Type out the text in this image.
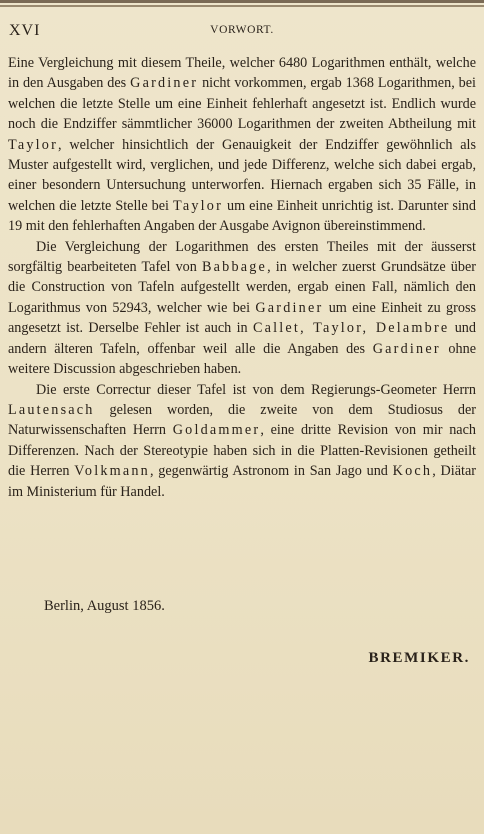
XVI	VORWORT.

Eine Vergleichung mit diesem Theile, welcher 6480 Logarithmen enthält, welche in den Ausgaben des Gardiner nicht vorkommen, ergab 1368 Logarithmen, bei welchen die letzte Stelle um eine Einheit fehlerhaft angesetzt ist. Endlich wurde noch die Endziffer sämmtlicher 36000 Logarithmen der zweiten Abtheilung mit Taylor, welcher hinsichtlich der Genauigkeit der Endziffer gewöhnlich als Muster aufgestellt wird, verglichen, und jede Differenz, welche sich dabei ergab, einer besondern Untersuchung unterworfen. Hiernach ergaben sich 35 Fälle, in welchen die letzte Stelle bei Taylor um eine Einheit unrichtig ist. Darunter sind 19 mit den fehlerhaften Angaben der Ausgabe Avignon übereinstimmend.

Die Vergleichung der Logarithmen des ersten Theiles mit der äusserst sorgfältig bearbeiteten Tafel von Babbage, in welcher zuerst Grundsätze über die Construction von Tafeln aufgestellt werden, ergab einen Fall, nämlich den Logarithmus von 52943, welcher wie bei Gardiner um eine Einheit zu gross angesetzt ist. Derselbe Fehler ist auch in Callet, Taylor, Delambre und andern älteren Tafeln, offenbar weil alle die Angaben des Gardiner ohne weitere Discussion abgeschrieben haben.

Die erste Correctur dieser Tafel ist von dem Regierungs-Geometer Herrn Lautensach gelesen worden, die zweite von dem Studiosus der Naturwissenschaften Herrn Goldammer, eine dritte Revision von mir nach Differenzen. Nach der Stereotypie haben sich in die Platten-Revisionen getheilt die Herren Volkmann, gegenwärtig Astronom in San Jago und Koch, Diätar im Ministerium für Handel.

Berlin, August 1856.
BREMIKER.
